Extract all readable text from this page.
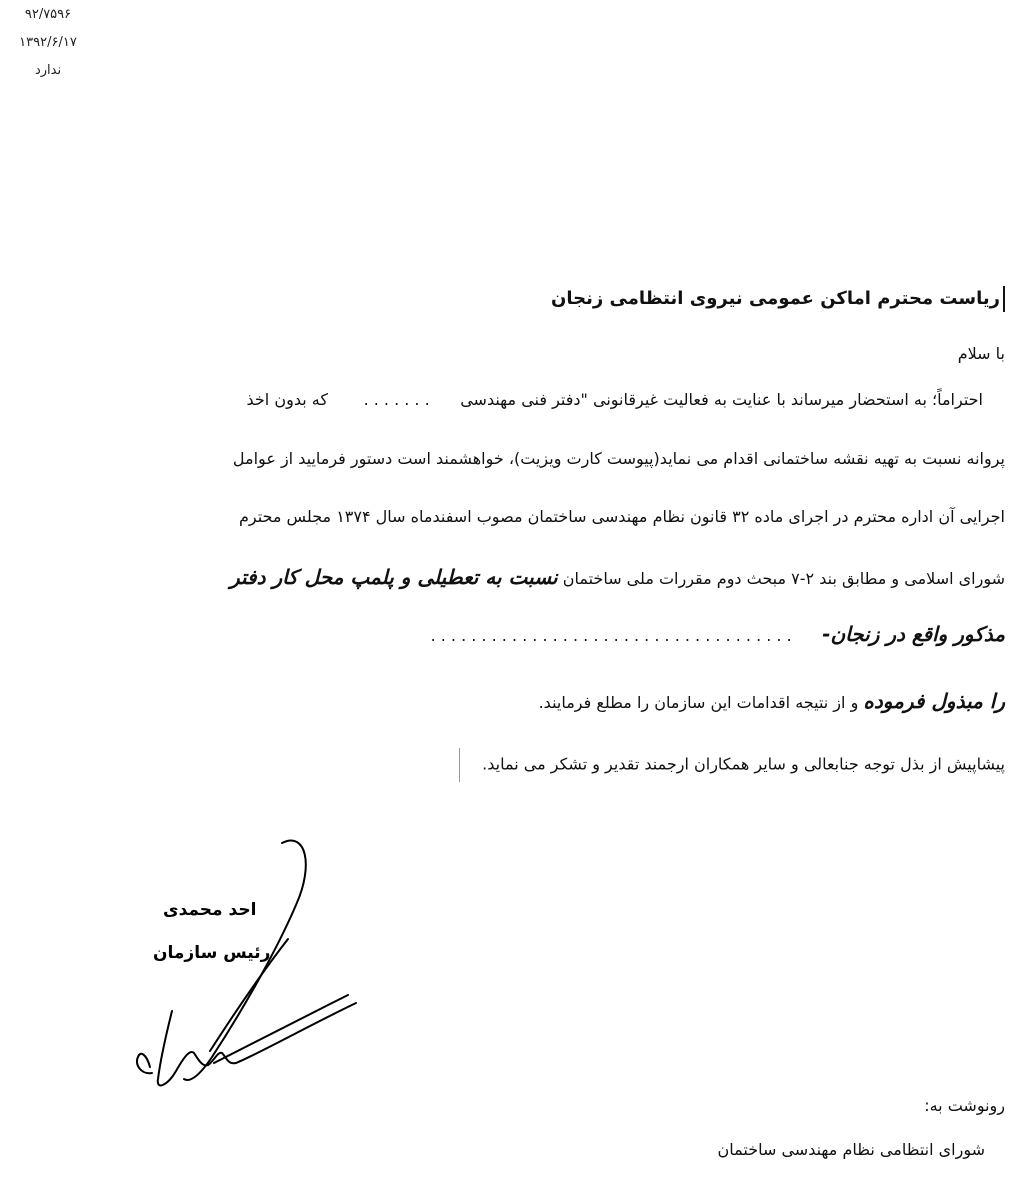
۹۲/۷۵۹۶
۱۳۹۲/۶/۱۷
ندارد
ریاست محترم اماکن عمومی نیروی انتظامی زنجان
با سلام
احتراماً؛ به استحضار میرساند با عنایت به فعالیت غیرقانونی "دفتر فنی مهندسی      . . . . . . .       که بدون اخذ
پروانه نسبت به تهیه نقشه ساختمانی اقدام می نماید(پیوست کارت ویزیت)، خواهشمند است دستور فرمایید از عوامل
اجرایی آن اداره محترم در اجرای ماده ۳۲ قانون نظام مهندسی ساختمان مصوب اسفندماه سال ۱۳۷۴ مجلس محترم
شورای اسلامی و مطابق بند ۲-۷ مبحث دوم مقررات ملی ساختمان نسبت به تعطیلی و پلمپ محل کار دفتر
مذکور واقع در زنجان-      . . . . . . . . . . . . . . . . . . . . . . . . . . . . . . . . . . . .
را مبذول فرموده و از نتیجه اقدامات این سازمان را مطلع فرمایند.
پیشاپیش از بذل توجه جنابعالی و سایر همکاران ارجمند تقدیر و تشکر می نماید.
احد محمدی
رئیس سازمان
رونوشت به:
شورای انتظامی نظام مهندسی ساختمان
